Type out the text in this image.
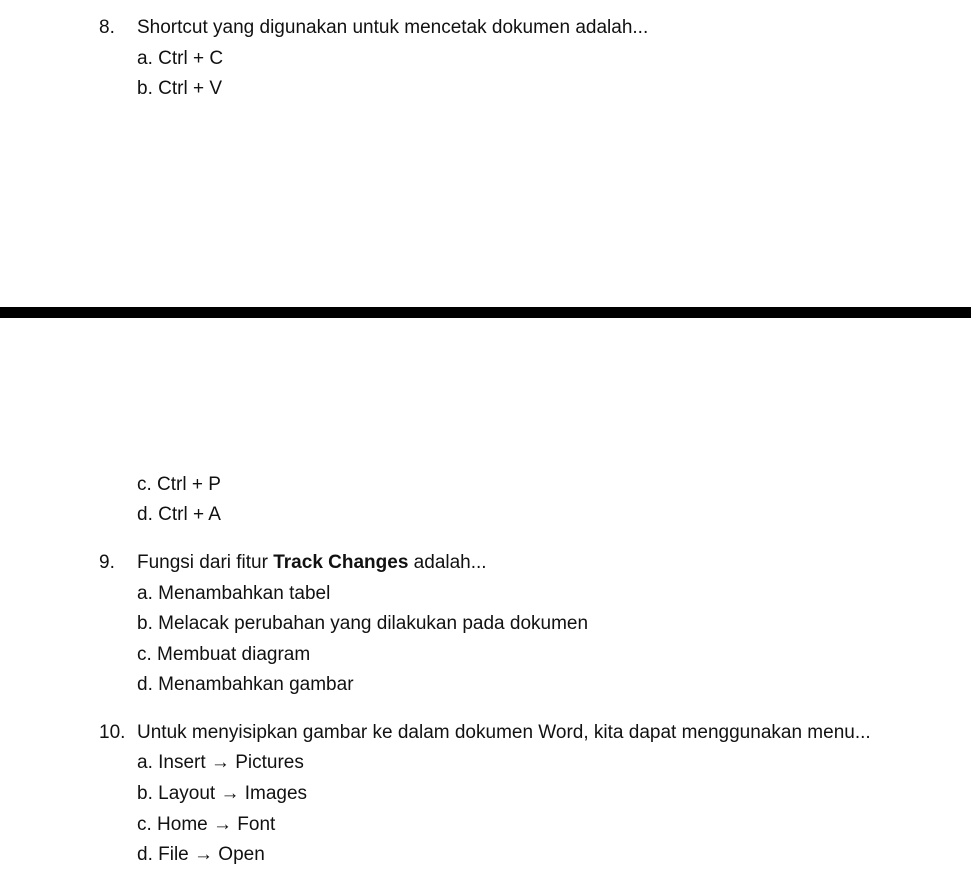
8. Shortcut yang digunakan untuk mencetak dokumen adalah...
a. Ctrl + C
b. Ctrl + V
c. Ctrl + P
d. Ctrl + A
9. Fungsi dari fitur Track Changes adalah...
a. Menambahkan tabel
b. Melacak perubahan yang dilakukan pada dokumen
c. Membuat diagram
d. Menambahkan gambar
10. Untuk menyisipkan gambar ke dalam dokumen Word, kita dapat menggunakan menu...
a. Insert → Pictures
b. Layout → Images
c. Home → Font
d. File → Open
